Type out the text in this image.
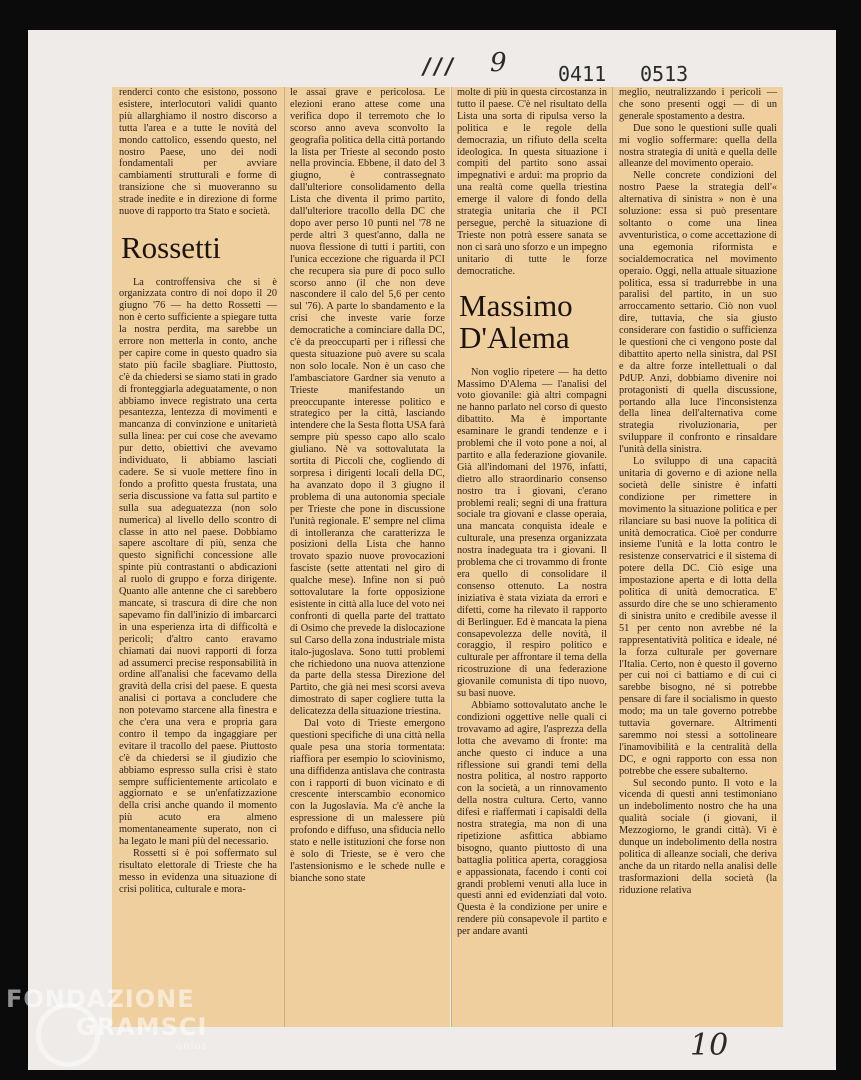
/// 9	0411 0513
10

renderci conto che esistono, possono esistere, interlocutori validi quanto più allarghiamo il nostro discorso a tutta l'area e a tutte le novità del mondo cattolico, essendo questo, nel nostro Paese, uno dei nodi fondamentali per avviare cambiamenti strutturali e forme di transizione che si muoveranno su strade inedite e in direzione di forme nuove di rapporto tra Stato e società.

Rossetti

La controffensiva che si è organizzata contro di noi dopo il 20 giugno '76 — ha detto Rossetti — non è certo sufficiente a spiegare tutta la nostra perdita, ma sarebbe un errore non metterla in conto, anche per capire come in questo quadro sia stato più facile sbagliare. Piuttosto, c'è da chiedersi se siamo stati in grado di fronteggiarla adeguatamente, o non abbiamo invece registrato una certa pesantezza, lentezza di movimenti e mancanza di convinzione e unitarietà sulla linea: per cui cose che avevamo pur detto, obiettivi che avevamo individuato, li abbiamo lasciati cadere. Se si vuole mettere fino in fondo a profitto questa frustata, una seria discussione va fatta sul partito e sulla sua adeguatezza (non solo numerica) al livello dello scontro di classe in atto nel paese. Dobbiamo sapere ascoltare di più, senza che questo significhi concessione alle spinte più contrastanti o abdicazioni al ruolo di gruppo e forza dirigente. Quanto alle antenne che ci sarebbero mancate, si trascura di dire che non sapevamo fin dall'inizio di imbarcarci in una esperienza irta di difficoltà e pericoli; d'altro canto eravamo chiamati dai nuovi rapporti di forza ad assumerci precise responsabilità in ordine all'analisi che facevamo della gravità della crisi del paese. E questa analisi ci portava a concludere che non potevamo starcene alla finestra e che c'era una vera e propria gara contro il tempo da ingaggiare per evitare il tracollo del paese. Piuttosto c'è da chiedersi se il giudizio che abbiamo espresso sulla crisi è stato sempre sufficientemente articolato e aggiornato e se un'enfatizzazione della crisi anche quando il momento più acuto era almeno momentaneamente superato, non ci ha legato le mani più del necessario.

Rossetti si è poi soffermato sul risultato elettorale di Trieste che ha messo in evidenza una situazione di crisi politica, culturale e mora-

le assai grave e pericolosa. Le elezioni erano attese come una verifica dopo il terremoto che lo scorso anno aveva sconvolto la geografia politica della città portando la lista per Trieste al secondo posto nella provincia. Ebbene, il dato del 3 giugno, è contrassegnato dall'ulteriore consolidamento della Lista che diventa il primo partito, dall'ulteriore tracollo della DC che dopo aver perso 10 punti nel '78 ne perde altri 3 quest'anno, dalla ne nuova flessione di tutti i partiti, con l'unica eccezione che riguarda il PCI che recupera sia pure di poco sullo scorso anno (il che non deve nascondere il calo del 5,6 per cento sul '76). A parte lo sbandamento e la crisi che investe varie forze democratiche a cominciare dalla DC, c'è da preoccuparti per i riflessi che questa situazione può avere su scala non solo locale. Non è un caso che l'ambasciatore Gardner sia venuto a Trieste manifestando un preoccupante interesse politico e strategico per la città, lasciando intendere che la Sesta flotta USA farà sempre più spesso capo allo scalo giuliano. Nè va sottovalutata la sortita di Piccoli che, cogliendo di sorpresa i dirigenti locali della DC, ha avanzato dopo il 3 giugno il problema di una autonomia speciale per Trieste che pone in discussione l'unità regionale. E' sempre nel clima di intolleranza che caratterizza le posizioni della Lista che hanno trovato spazio nuove provocazioni fasciste (sette attentati nel giro di qualche mese). Infine non si può sottovalutare la forte opposizione esistente in città alla luce del voto nei confronti di quella parte del trattato di Osimo che prevede la dislocazione sul Carso della zona industriale mista italo-jugoslava. Sono tutti problemi che richiedono una nuova attenzione da parte della stessa Direzione del Partito, che già nei mesi scorsi aveva dimostrato di saper cogliere tutta la delicatezza della situazione triestina.

Dal voto di Trieste emergono questioni specifiche di una città nella quale pesa una storia tormentata: riaffiora per esempio lo sciovinismo, una diffidenza antislava che contrasta con i rapporti di buon vicinato e di crescente interscambio economico con la Jugoslavia. Ma c'è anche la espressione di un malessere più profondo e diffuso, una sfiducia nello stato e nelle istituzioni che forse non è solo di Trieste, se è vero che l'astensionismo e le schede nulle e bianche sono state

molte di più in questa circostanza in tutto il paese. C'è nel risultato della Lista una sorta di ripulsa verso la politica e le regole della democrazia, un rifiuto della scelta ideologica. In questa situazione i compiti del partito sono assai impegnativi e ardui: ma proprio da una realtà come quella triestina emerge il valore di fondo della strategia unitaria che il PCI persegue, perchè la situazione di Trieste non potrà essere sanata se non ci sarà uno sforzo e un impegno unitario di tutte le forze democratiche.

Massimo D'Alema

Non voglio ripetere — ha detto Massimo D'Alema — l'analisi del voto giovanile: già altri compagni ne hanno parlato nel corso di questo dibattito. Ma è importante esaminare le grandi tendenze e i problemi che il voto pone a noi, al partito e alla federazione giovanile. Già all'indomani del 1976, infatti, dietro allo straordinario consenso nostro tra i giovani, c'erano problemi reali; segni di una frattura sociale tra giovani e classe operaia, una mancata conquista ideale e culturale, una presenza organizzata nostra inadeguata tra i giovani. Il problema che ci trovammo di fronte era quello di consolidare il consenso ottenuto. La nostra iniziativa è stata viziata da errori e difetti, come ha rilevato il rapporto di Berlinguer. Ed è mancata la piena consapevolezza delle novità, il coraggio, il respiro politico e culturale per affrontare il tema della ricostruzione di una federazione giovanile comunista di tipo nuovo, su basi nuove.

Abbiamo sottovalutato anche le condizioni oggettive nelle quali ci trovavamo ad agire, l'asprezza della lotta che avevamo di fronte: ma anche questo ci induce a una riflessione sui grandi temi della nostra politica, al nostro rapporto con la società, a un rinnovamento della nostra cultura. Certo, vanno difesi e riaffermati i capisaldi della nostra strategia, ma non di una ripetizione asfittica abbiamo bisogno, quanto piuttosto di una battaglia politica aperta, coraggiosa e appassionata, facendo i conti coi grandi problemi venuti alla luce in questi anni ed evidenziati dal voto. Questa è la condizione per unire e rendere più consapevole il partito e per andare avanti

meglio, neutralizzando i pericoli — che sono presenti oggi — di un generale spostamento a destra.

Due sono le questioni sulle quali mi voglio soffermare: quella della nostra strategia di unità e quella delle alleanze del movimento operaio.

Nelle concrete condizioni del nostro Paese la strategia dell'« alternativa di sinistra » non è una soluzione: essa si può presentare soltanto o come una linea avventuristica, o come accettazione di una egemonia riformista e socialdemocratica nel movimento operaio. Oggi, nella attuale situazione politica, essa si tradurrebbe in una paralisi del partito, in un suo arroccamento settario. Ciò non vuol dire, tuttavia, che sia giusto considerare con fastidio o sufficienza le questioni che ci vengono poste dal dibattito aperto nella sinistra, dal PSI e da altre forze intellettuali o dal PdUP. Anzi, dobbiamo divenire noi protagonisti di quella discussione, portando alla luce l'inconsistenza della linea dell'alternativa come strategia rivoluzionaria, per sviluppare il confronto e rinsaldare l'unità della sinistra.

Lo sviluppo di una capacità unitaria di governo e di azione nella società delle sinistre è infatti condizione per rimettere in movimento la situazione politica e per rilanciare su basi nuove la politica di unità democratica. Cioè per condurre insieme l'unità e la lotta contro le resistenze conservatrici e il sistema di potere della DC. Ciò esige una impostazione aperta e di lotta della politica di unità democratica. E' assurdo dire che se uno schieramento di sinistra unito e credibile avesse il 51 per cento non avrebbe né la rappresentatività politica e ideale, né la forza culturale per governare l'Italia. Certo, non è questo il governo per cui noi ci battiamo e di cui ci sarebbe bisogno, né si potrebbe pensare di fare il socialismo in questo modo; ma un tale governo potrebbe tuttavia governare. Altrimenti saremmo noi stessi a sottolineare l'inamovibilità e la centralità della DC, e ogni rapporto con essa non potrebbe che essere subalterno.

Sul secondo punto. Il voto e la vicenda di questi anni testimoniano un indebolimento nostro che ha una qualità sociale (i giovani, il Mezzogiorno, le grandi città). Vi è dunque un indebolimento della nostra politica di alleanze sociali, che deriva anche da un ritardo nella analisi delle trasformazioni della società (la riduzione relativa

FONDAZIONE
GRAMSCI
onlus
